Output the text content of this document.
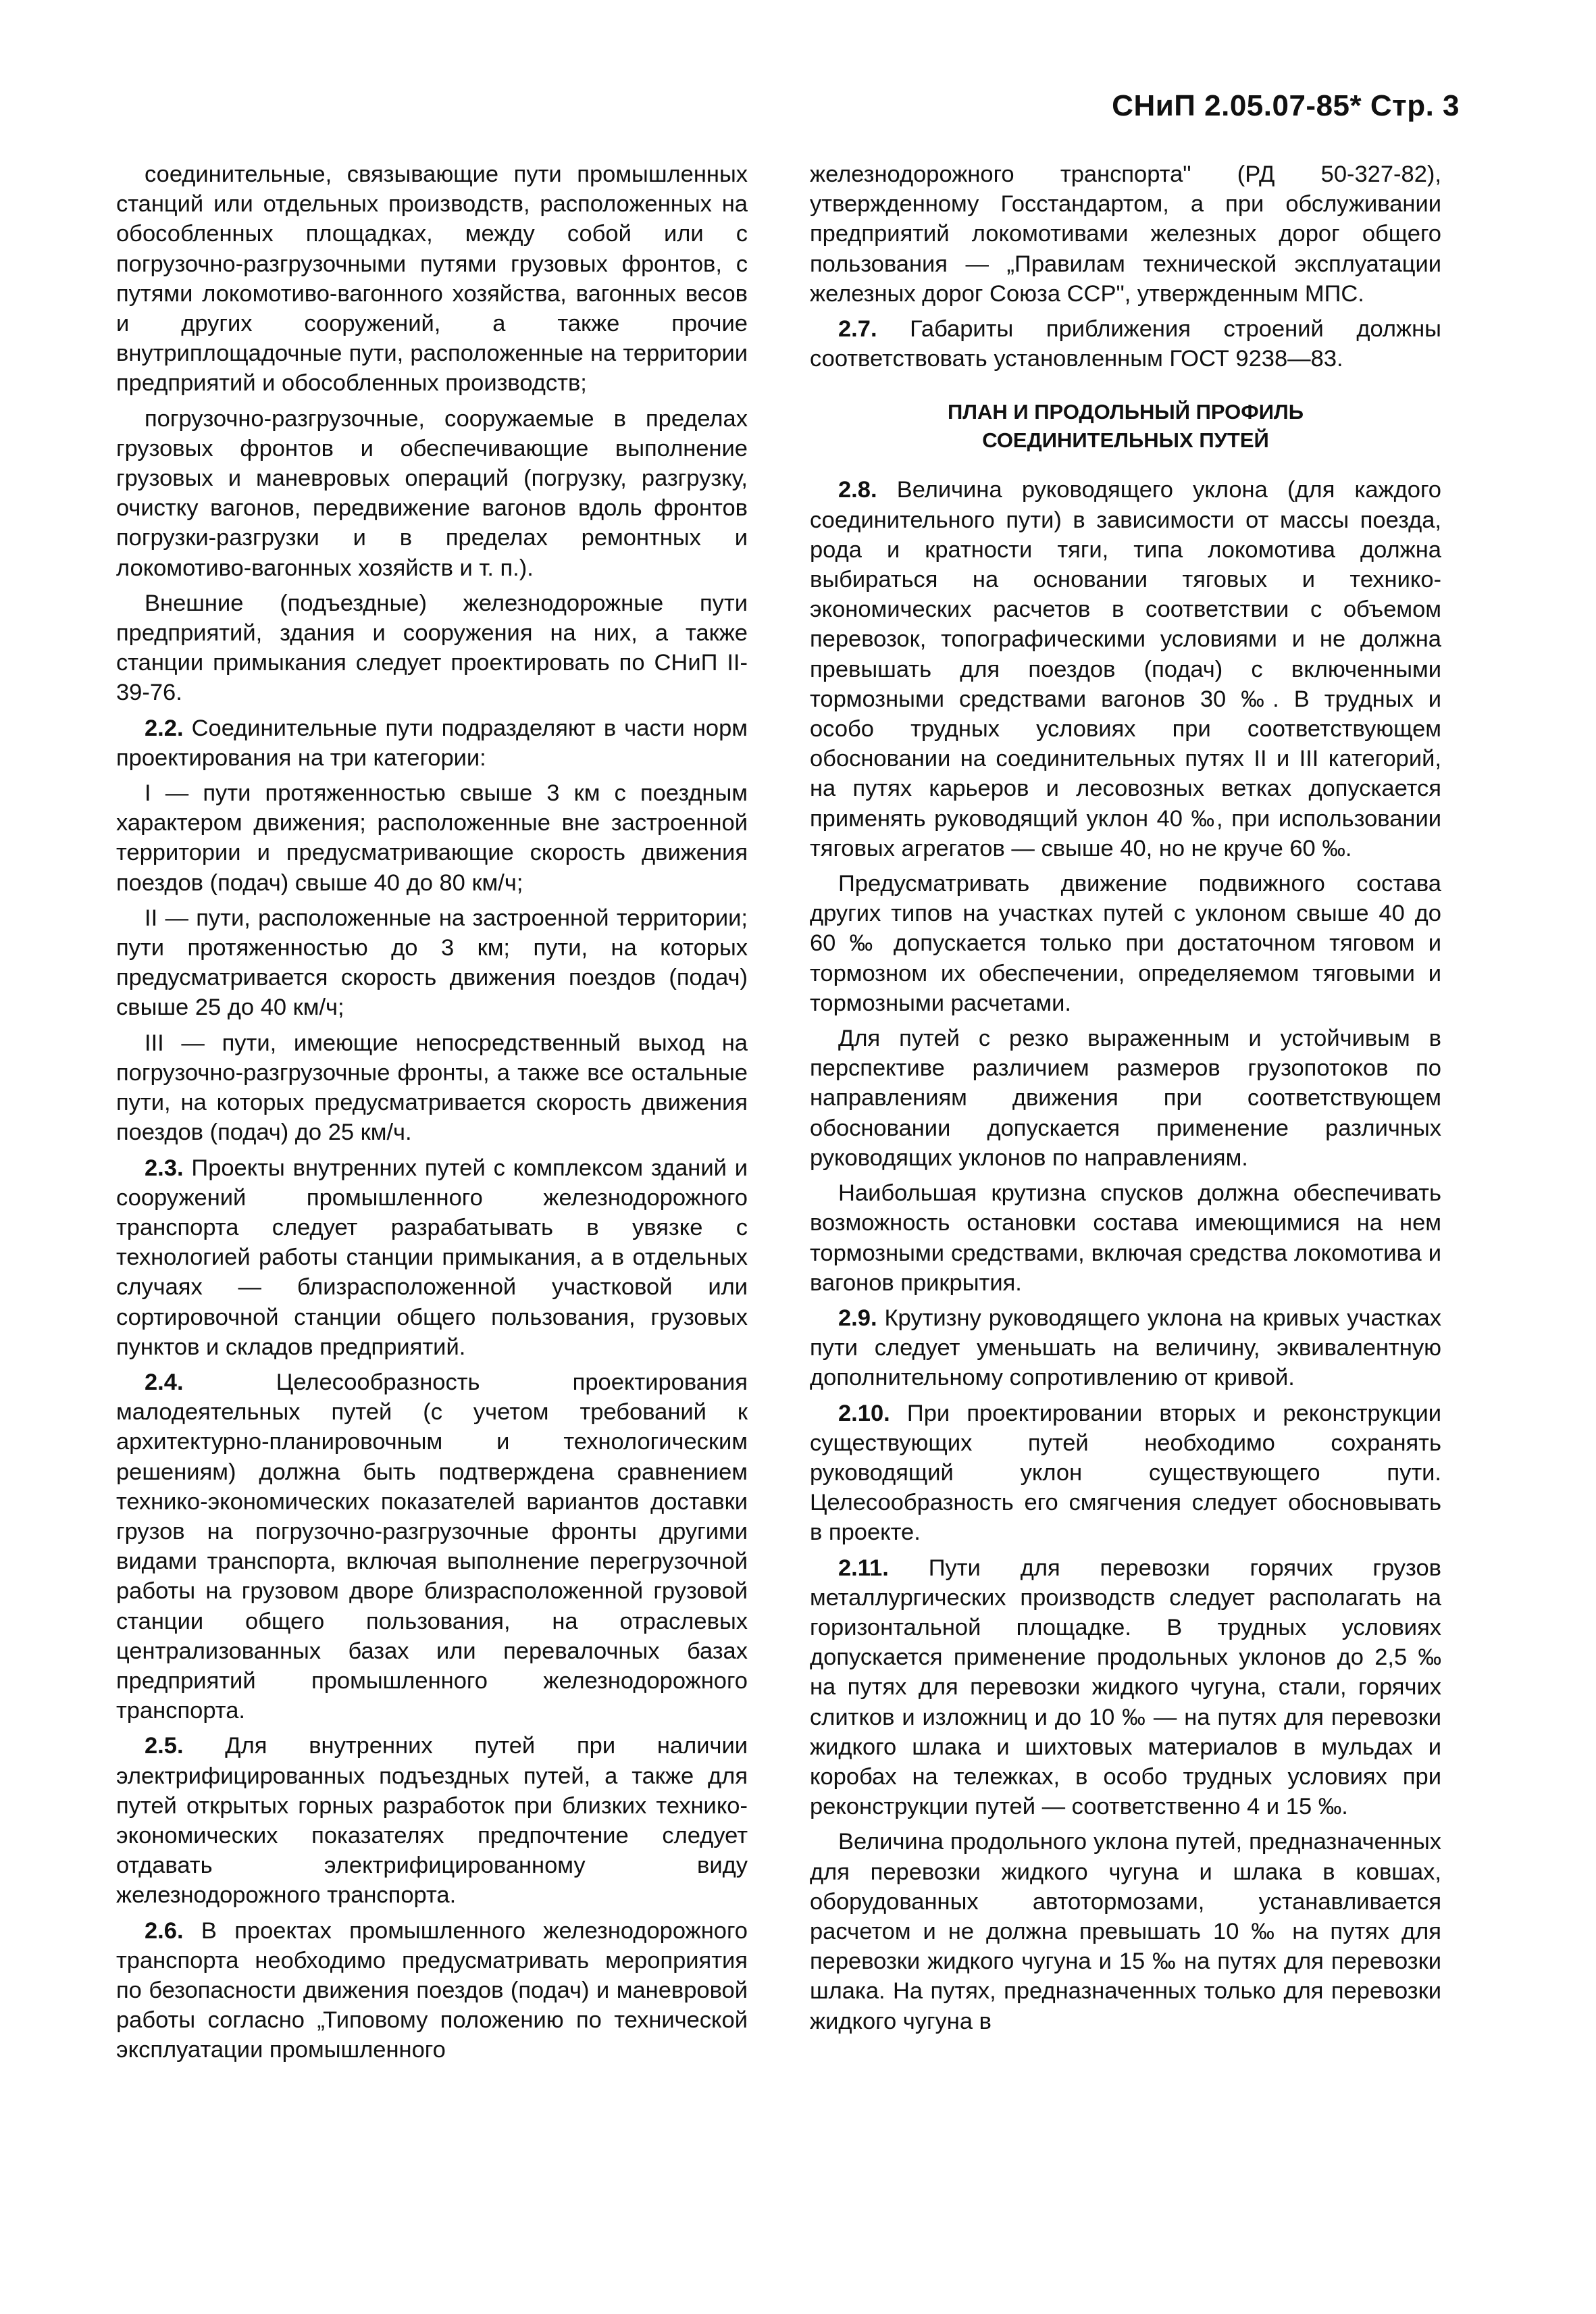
СНиП 2.05.07-85* Стр. 3

соединительные, связывающие пути промышленных станций или отдельных производств, расположенных на обособленных площадках, между собой или с погрузочно-разгрузочными путями грузовых фронтов, с путями локомотиво-вагонного хозяйства, вагонных весов и других сооружений, а также прочие внутриплощадочные пути, расположенные на территории предприятий и обособленных производств;

погрузочно-разгрузочные, сооружаемые в пределах грузовых фронтов и обеспечивающие выполнение грузовых и маневровых операций (погрузку, разгрузку, очистку вагонов, передвижение вагонов вдоль фронтов погрузки-разгрузки и в пределах ремонтных и локомотиво-вагонных хозяйств и т. п.).

Внешние (подъездные) железнодорожные пути предприятий, здания и сооружения на них, а также станции примыкания следует проектировать по СНиП II-39-76.

2.2. Соединительные пути подразделяют в части норм проектирования на три категории:

I — пути протяженностью свыше 3 км с поездным характером движения; расположенные вне застроенной территории и предусматривающие скорость движения поездов (подач) свыше 40 до 80 км/ч;

II — пути, расположенные на застроенной территории; пути протяженностью до 3 км; пути, на которых предусматривается скорость движения поездов (подач) свыше 25 до 40 км/ч;

III — пути, имеющие непосредственный выход на погрузочно-разгрузочные фронты, а также все остальные пути, на которых предусматривается скорость движения поездов (подач) до 25 км/ч.

2.3. Проекты внутренних путей с комплексом зданий и сооружений промышленного железнодорожного транспорта следует разрабатывать в увязке с технологией работы станции примыкания, а в отдельных случаях — близрасположенной участковой или сортировочной станции общего пользования, грузовых пунктов и складов предприятий.

2.4.	Целесообразность проектирования малодеятельных путей (с учетом требований к архитектурно-планировочным и технологическим решениям) должна быть подтверждена сравнением технико-экономических показателей вариантов доставки грузов на погрузочно-разгрузочные фронты другими видами транспорта, включая выполнение перегрузочной работы на грузовом дворе близрасположенной грузовой станции общего пользования, на отраслевых централизованных базах или перевалочных базах предприятий промышленного железнодорожного транспорта.

2.5. Для внутренних путей при наличии электрифицированных подъездных путей, а также для путей открытых горных разработок при близких технико-экономических показателях предпочтение следует отдавать электрифицированному виду железнодорожного транспорта.

2.6. В проектах промышленного железнодорожного транспорта необходимо предусматривать мероприятия по безопасности движения поездов (подач) и маневровой работы согласно „Типовому положению по технической эксплуатации промышленного

железнодорожного транспорта" (РД 50-327-82), утвержденному Госстандартом, а при обслуживании предприятий локомотивами железных дорог общего пользования — „Правилам технической эксплуатации железных дорог Союза ССР", утвержденным МПС.

2.7. Габариты приближения строений должны соответствовать установленным ГОСТ 9238—83.

ПЛАН И ПРОДОЛЬНЫЙ ПРОФИЛЬ
СОЕДИНИТЕЛЬНЫХ ПУТЕЙ

2.8. Величина руководящего уклона (для каждого соединительного пути) в зависимости от массы поезда, рода и кратности тяги, типа локомотива должна выбираться на основании тяговых и технико-экономических расчетов в соответствии с объемом перевозок, топографическими условиями и не должна превышать для поездов (подач) с включенными тормозными средствами вагонов 30 ‰. В трудных и особо трудных условиях при соответствующем обосновании на соединительных путях II и III категорий, на путях карьеров и лесовозных ветках допускается применять руководящий уклон 40 ‰, при использовании тяговых агрегатов — свыше 40, но не круче 60 ‰.

Предусматривать движение подвижного состава других типов на участках путей с уклоном свыше 40 до 60 ‰ допускается только при достаточном тяговом и тормозном их обеспечении, определяемом тяговыми и тормозными расчетами.

Для путей с резко выраженным и устойчивым в перспективе различием размеров грузопотоков по направлениям движения при соответствующем обосновании допускается применение различных руководящих уклонов по направлениям.

Наибольшая крутизна спусков должна обеспечивать возможность остановки состава имеющимися на нем тормозными средствами, включая средства локомотива и вагонов прикрытия.

2.9. Крутизну руководящего уклона на кривых участках пути следует уменьшать на величину, эквивалентную дополнительному сопротивлению от кривой.

2.10. При проектировании вторых и реконструкции существующих путей необходимо сохранять руководящий уклон существующего пути. Целесообразность его смягчения следует обосновывать в проекте.

2.11. Пути для перевозки горячих грузов металлургических производств следует располагать на горизонтальной площадке. В трудных условиях допускается применение продольных уклонов до 2,5 ‰ на путях для перевозки жидкого чугуна, стали, горячих слитков и изложниц и до 10 ‰ — на путях для перевозки жидкого шлака и шихтовых материалов в мульдах и коробах на тележках, в особо трудных условиях при реконструкции путей — соответственно 4 и 15 ‰.

Величина продольного уклона путей, предназначенных для перевозки жидкого чугуна и шлака в ковшах, оборудованных автотормозами, устанавливается расчетом и не должна превышать 10 ‰ на путях для перевозки жидкого чугуна и 15 ‰ на путях для перевозки шлака. На путях, предназначенных только для перевозки жидкого чугуна в
